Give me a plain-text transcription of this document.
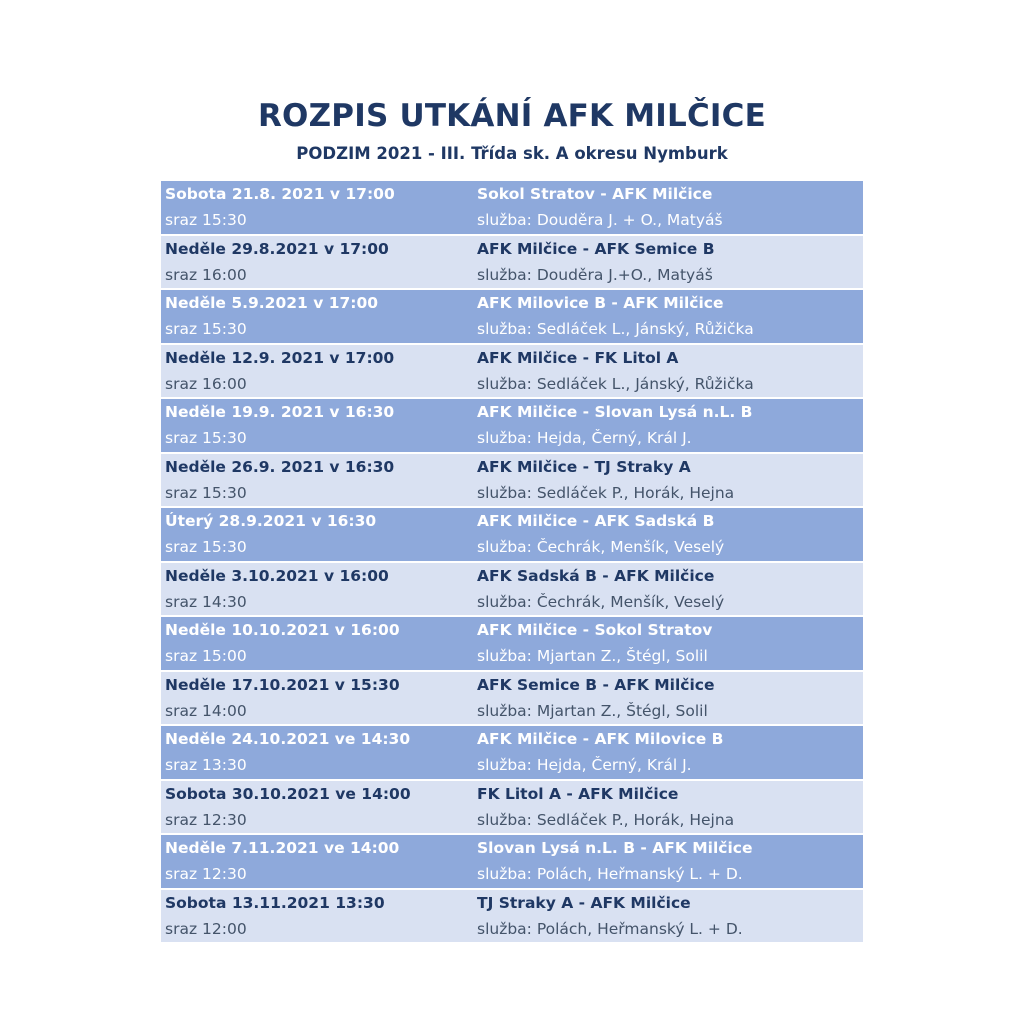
ROZPIS UTKÁNÍ AFK MILČICE
PODZIM 2021 - III. Třída sk. A okresu Nymburk
Sobota 21.8. 2021 v 17:00	Sokol Stratov - AFK Milčice
sraz 15:30	služba: Douděra J. + O., Matyáš
Neděle 29.8.2021 v 17:00	AFK Milčice - AFK Semice B
sraz 16:00	služba: Douděra J.+O., Matyáš
Neděle 5.9.2021 v 17:00	AFK Milovice B - AFK Milčice
sraz 15:30	služba: Sedláček L., Jánský, Růžička
Neděle 12.9. 2021 v 17:00	AFK Milčice - FK Litol A
sraz 16:00	služba: Sedláček L., Jánský, Růžička
Neděle 19.9. 2021 v 16:30	AFK Milčice - Slovan Lysá n.L. B
sraz 15:30	služba: Hejda, Černý, Král J.
Neděle 26.9. 2021 v 16:30	AFK Milčice - TJ Straky A
sraz 15:30	služba: Sedláček P., Horák, Hejna
Úterý 28.9.2021 v 16:30	AFK Milčice - AFK Sadská B
sraz 15:30	služba: Čechrák, Menšík, Veselý
Neděle 3.10.2021 v 16:00	AFK Sadská B - AFK Milčice
sraz 14:30	služba: Čechrák, Menšík, Veselý
Neděle 10.10.2021 v 16:00	AFK Milčice - Sokol Stratov
sraz 15:00	služba: Mjartan Z., Štégl, Solil
Neděle 17.10.2021 v 15:30	AFK Semice B - AFK Milčice
sraz 14:00	služba: Mjartan Z., Štégl, Solil
Neděle 24.10.2021 ve 14:30	AFK Milčice - AFK Milovice B
sraz 13:30	služba: Hejda, Černý, Král J.
Sobota 30.10.2021 ve 14:00	FK Litol A - AFK Milčice
sraz 12:30	služba: Sedláček P., Horák, Hejna
Neděle 7.11.2021 ve 14:00	Slovan Lysá n.L. B - AFK Milčice
sraz 12:30	služba: Polách, Heřmanský L. + D.
Sobota 13.11.2021 13:30	TJ Straky A - AFK Milčice
sraz 12:00	služba: Polách, Heřmanský L. + D.
